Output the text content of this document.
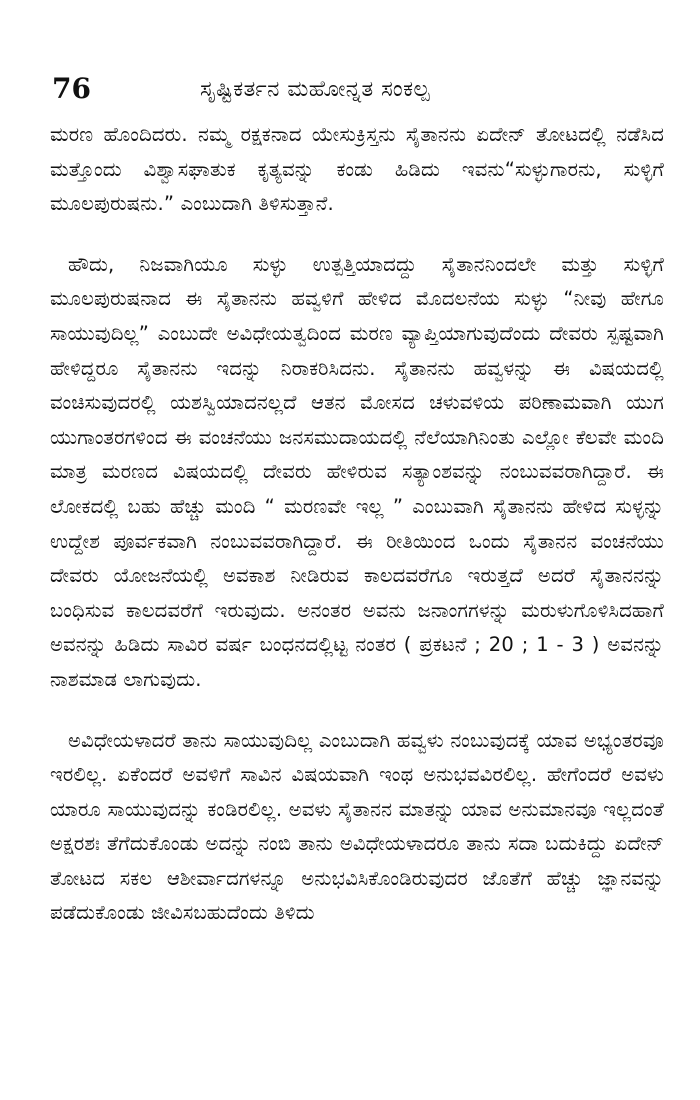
76	ಸೃಷ್ಟಿಕರ್ತನ ಮಹೋನ್ನತ ಸಂಕಲ್ಪ

ಮರಣ ಹೊಂದಿದರು. ನಮ್ಮ ರಕ್ಷಕನಾದ ಯೇಸುಕ್ರಿಸ್ತನು ಸೈತಾನನು ಏದೇನ್ ತೋಟದಲ್ಲಿ ನಡೆಸಿದ ಮತ್ತೊಂದು ವಿಶ್ವಾಸಘಾತುಕ ಕೃತ್ಯವನ್ನು ಕಂಡು ಹಿಡಿದು ಇವನು“ಸುಳ್ಳುಗಾರನು, ಸುಳ್ಳಿಗೆ ಮೂಲಪುರುಷನು.” ಎಂಬುದಾಗಿ ತಿಳಿಸುತ್ತಾನೆ.

ಹೌದು, ನಿಜವಾಗಿಯೂ ಸುಳ್ಳು ಉತ್ಪತ್ತಿಯಾದದ್ದು ಸೈತಾನನಿಂದಲೇ ಮತ್ತು ಸುಳ್ಳಿಗೆ ಮೂಲಪುರುಷನಾದ ಈ ಸೈತಾನನು ಹವ್ವಳಿಗೆ ಹೇಳಿದ ಮೊದಲನೆಯ ಸುಳ್ಳು “ನೀವು ಹೇಗೂ ಸಾಯುವುದಿಲ್ಲ” ಎಂಬುದೇ ಅವಿಧೇಯತ್ವದಿಂದ ಮರಣ ವ್ಯಾಪ್ತಿಯಾಗುವುದೆಂದು ದೇವರು ಸ್ಪಷ್ಟವಾಗಿ ಹೇಳಿದ್ದರೂ ಸೈತಾನನು ಇದನ್ನು ನಿರಾಕರಿಸಿದನು. ಸೈತಾನನು ಹವ್ವಳನ್ನು ಈ ವಿಷಯದಲ್ಲಿ ವಂಚಿಸುವುದರಲ್ಲಿ ಯಶಸ್ವಿಯಾದನಲ್ಲದೆ ಆತನ ಮೋಸದ ಚಳುವಳಿಯ ಪರಿಣಾಮವಾಗಿ ಯುಗ ಯುಗಾಂತರಗಳಿಂದ ಈ ವಂಚನೆಯು ಜನಸಮುದಾಯದಲ್ಲಿ ನೆಲೆಯಾಗಿನಿಂತು ಎಲ್ಲೋ ಕೆಲವೇ ಮಂದಿ ಮಾತ್ರ ಮರಣದ ವಿಷಯದಲ್ಲಿ ದೇವರು ಹೇಳಿರುವ ಸತ್ಯಾಂಶವನ್ನು ನಂಬುವವರಾಗಿದ್ದಾರೆ. ಈ ಲೋಕದಲ್ಲಿ ಬಹು ಹೆಚ್ಚು ಮಂದಿ “ ಮರಣವೇ ಇಲ್ಲ ” ಎಂಬುವಾಗಿ ಸೈತಾನನು ಹೇಳಿದ ಸುಳ್ಳನ್ನು ಉದ್ದೇಶ ಪೂರ್ವಕವಾಗಿ ನಂಬುವವರಾಗಿದ್ದಾರೆ. ಈ ರೀತಿಯಿಂದ ಒಂದು ಸೈತಾನನ ವಂಚನೆಯು ದೇವರು ಯೋಜನೆಯಲ್ಲಿ ಅವಕಾಶ ನೀಡಿರುವ ಕಾಲದವರೆಗೂ ಇರುತ್ತದೆ ಅದರೆ ಸೈತಾನನನ್ನು ಬಂಧಿಸುವ ಕಾಲದವರೆಗೆ ಇರುವುದು. ಅನಂತರ ಅವನು ಜನಾಂಗಗಳನ್ನು ಮರುಳುಗೊಳಿಸಿದಹಾಗೆ ಅವನನ್ನು ಹಿಡಿದು ಸಾವಿರ ವರ್ಷ ಬಂಧನದಲ್ಲಿಟ್ಟ ನಂತರ ( ಪ್ರಕಟನೆ ; 20 ; 1 - 3 ) ಅವನನ್ನು ನಾಶಮಾಡ ಲಾಗುವುದು.

ಅವಿಧೇಯಳಾದರೆ ತಾನು ಸಾಯುವುದಿಲ್ಲ ಎಂಬುದಾಗಿ ಹವ್ವಳು ನಂಬುವುದಕ್ಕೆ ಯಾವ ಅಭ್ಯಂತರವೂ ಇರಲಿಲ್ಲ. ಏಕೆಂದರೆ ಅವಳಿಗೆ ಸಾವಿನ ವಿಷಯವಾಗಿ ಇಂಥ ಅನುಭವವಿರಲಿಲ್ಲ. ಹೇಗೆಂದರೆ ಅವಳು ಯಾರೂ ಸಾಯುವುದನ್ನು ಕಂಡಿರಲಿಲ್ಲ. ಅವಳು ಸೈತಾನನ ಮಾತನ್ನು ಯಾವ ಅನುಮಾನವೂ ಇಲ್ಲದಂತೆ ಅಕ್ಷರಶಃ ತೆಗೆದುಕೊಂಡು ಅದನ್ನು ನಂಬಿ ತಾನು ಅವಿಧೇಯಳಾದರೂ ತಾನು ಸದಾ ಬದುಕಿದ್ದು ಏದೇನ್ ತೋಟದ ಸಕಲ ಆಶೀರ್ವಾದಗಳನ್ನೂ ಅನುಭವಿಸಿಕೊಂಡಿರುವುದರ ಜೊತೆಗೆ ಹೆಚ್ಚು ಜ್ಞಾನವನ್ನು ಪಡೆದುಕೊಂಡು ಜೀವಿಸಬಹುದೆಂದು ತಿಳಿದು
